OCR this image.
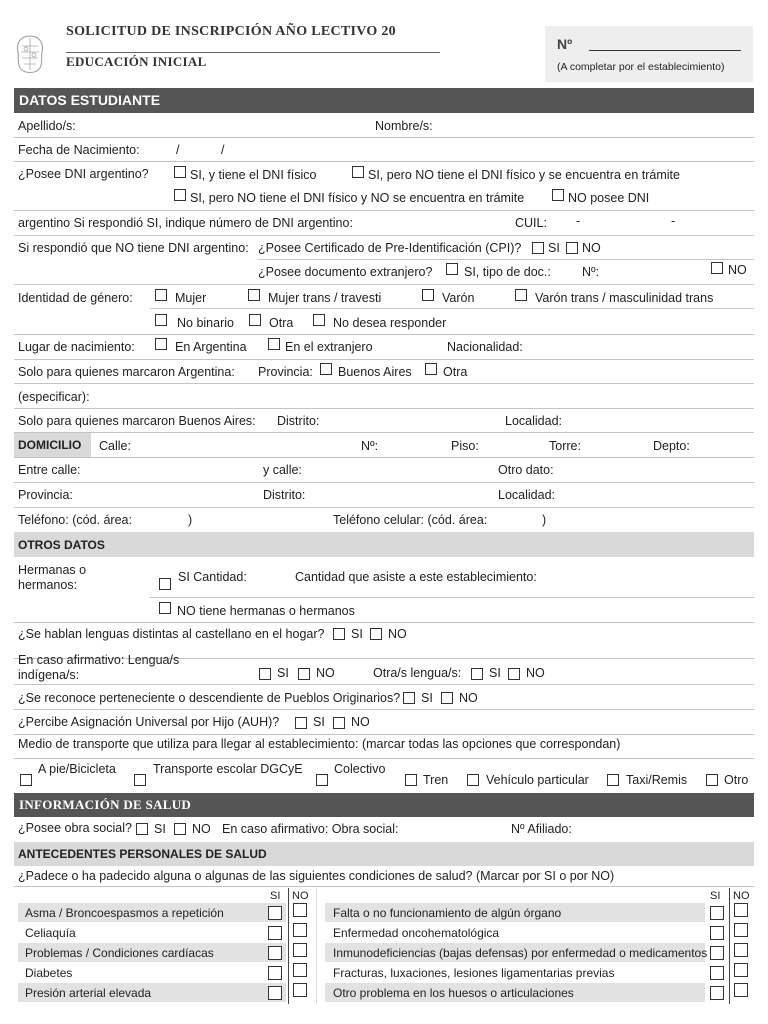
SOLICITUD DE INSCRIPCIÓN AÑO LECTIVO 20
EDUCACIÓN INICIAL
Nº
(A completar por el establecimiento)
DATOS ESTUDIANTE
Apellido/s:	Nombre/s:
Fecha de Nacimiento:	/	/
¿Posee DNI argentino?	SI, y tiene el DNI físico	SI, pero NO tiene el DNI físico y se encuentra en trámite
SI, pero NO tiene el DNI físico y NO se encuentra en trámite	NO posee DNI
argentino Si respondió SI, indique número de DNI argentino:	CUIL: -	-
Si respondió que NO tiene DNI argentino: ¿Posee Certificado de Pre-Identificación (CPI)? SI NO
¿Posee documento extranjero?	SI, tipo de doc.: Nº:	NO
Identidad de género:	Mujer	Mujer trans / travesti	Varón	Varón trans / masculinidad trans
No binario	Otra	No desea responder
Lugar de nacimiento:	En Argentina	En el extranjero	Nacionalidad:
Solo para quienes marcaron Argentina: Provincia: Buenos Aires	Otra
(especificar):
Solo para quienes marcaron Buenos Aires: Distrito:	Localidad:
DOMICILIO Calle:	Nº:	Piso:	Torre:	Depto:
Entre calle:	y calle:	Otro dato:
Provincia:	Distrito:	Localidad:
Teléfono: (cód. área:	)	Teléfono celular: (cód. área:	)
OTROS DATOS
Hermanas o
hermanos:
SI Cantidad:	Cantidad que asiste a este establecimiento:
NO tiene hermanas o hermanos
¿Se hablan lenguas distintas al castellano en el hogar? SI NO
En caso afirmativo: Lengua/s
indígena/s:	SI NO	Otra/s lengua/s: SI NO
¿Se reconoce perteneciente o descendiente de Pueblos Originarios? SI NO
¿Percibe Asignación Universal por Hijo (AUH)?	SI NO
Medio de transporte que utiliza para llegar al establecimiento: (marcar todas las opciones que correspondan)
A pie/Bicicleta	Transporte escolar DGCyE	Colectivo
Tren	Vehículo particular	Taxi/Remis	Otro
INFORMACIÓN DE SALUD
¿Posee obra social? SI NO En caso afirmativo: Obra social:	Nº Afiliado:
ANTECEDENTES PERSONALES DE SALUD
¿Padece o ha padecido alguna o algunas de las siguientes condiciones de salud? (Marcar por SI o por NO)
SI NO	SI NO
Asma / Broncoespasmos a repetición
Celiaquía
Problemas / Condiciones cardíacas
Diabetes
Presión arterial elevada
Falta o no funcionamiento de algún órgano
Enfermedad oncohematológica
Inmunodeficiencias (bajas defensas) por enfermedad o medicamentos
Fracturas, luxaciones, lesiones ligamentarias previas
Otro problema en los huesos o articulaciones
